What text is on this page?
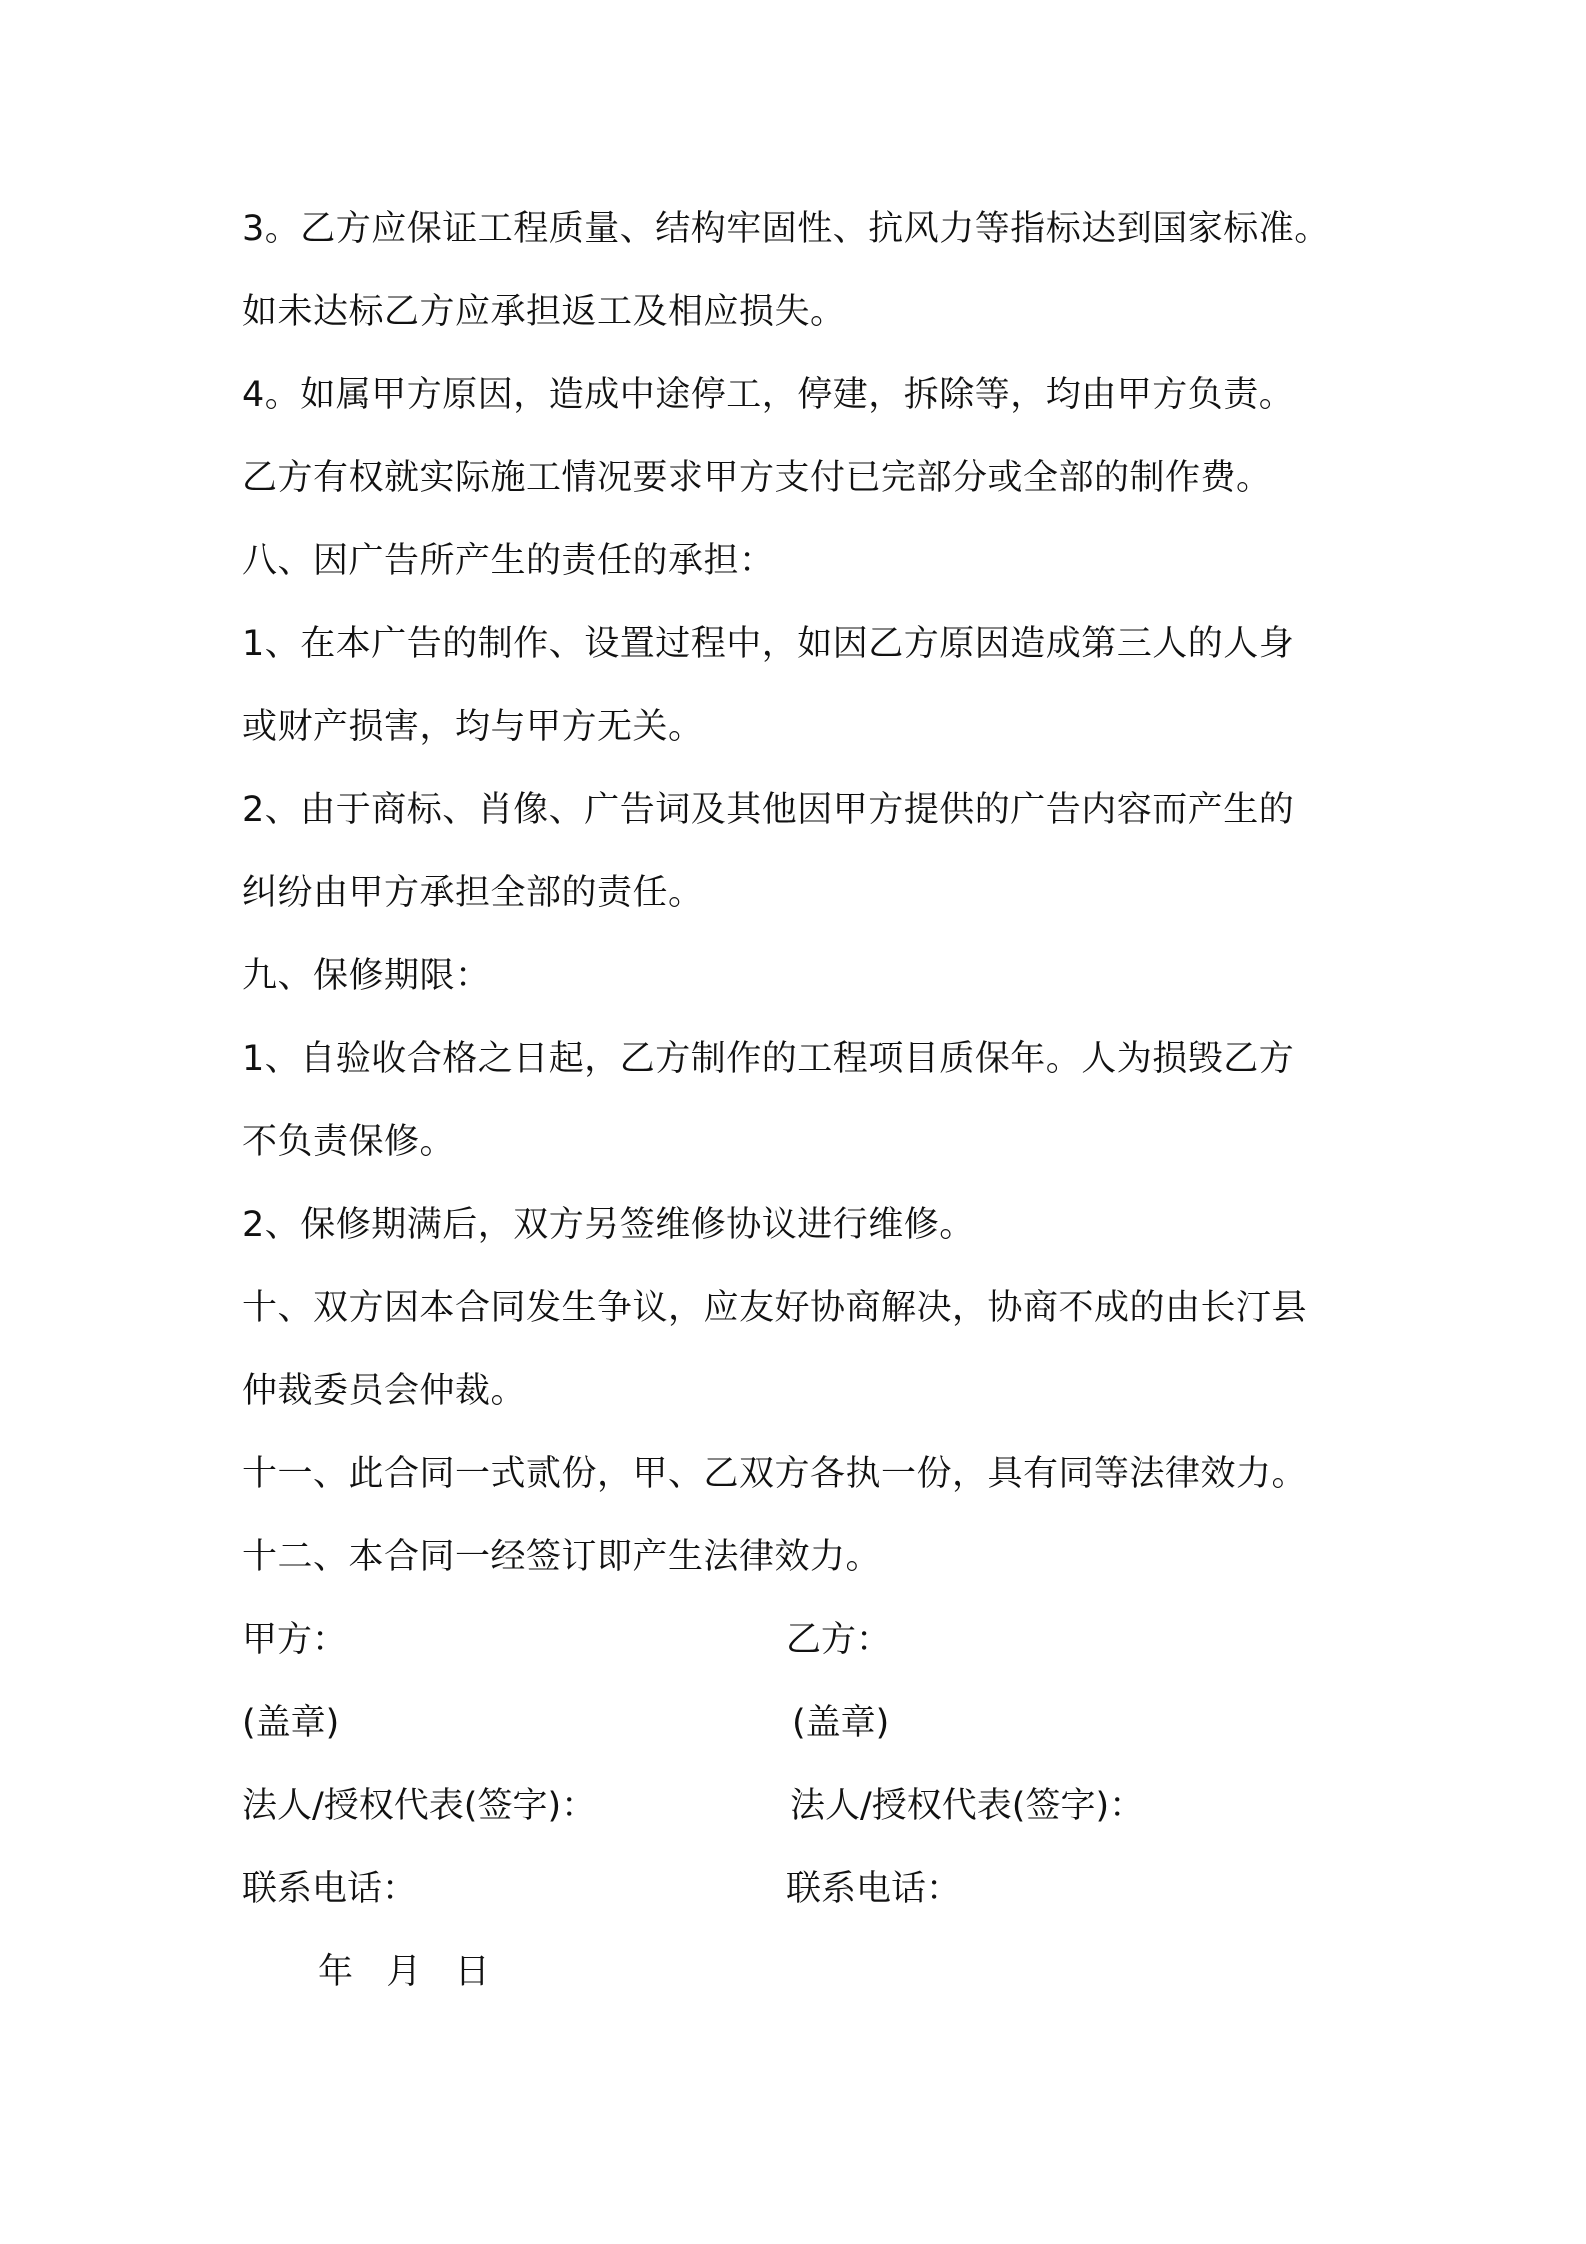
3。乙方应保证工程质量、结构牢固性、抗风力等指标达到国家标准。
如未达标乙方应承担返工及相应损失。
4。如属甲方原因，造成中途停工，停建，拆除等，均由甲方负责。
乙方有权就实际施工情况要求甲方支付已完部分或全部的制作费。
八、因广告所产生的责任的承担：
1、在本广告的制作、设置过程中，如因乙方原因造成第三人的人身
或财产损害，均与甲方无关。
2、由于商标、肖像、广告词及其他因甲方提供的广告内容而产生的
纠纷由甲方承担全部的责任。
九、保修期限：
1、自验收合格之日起，乙方制作的工程项目质保年。人为损毁乙方
不负责保修。
2、保修期满后，双方另签维修协议进行维修。
十、双方因本合同发生争议，应友好协商解决，协商不成的由长汀县
仲裁委员会仲裁。
十一、此合同一式贰份，甲、乙双方各执一份，具有同等法律效力。
十二、本合同一经签订即产生法律效力。
甲方：	乙方：
(盖章)	(盖章)
法人/授权代表(签字)：	法人/授权代表(签字)：
联系电话：	联系电话：
年   月   日
